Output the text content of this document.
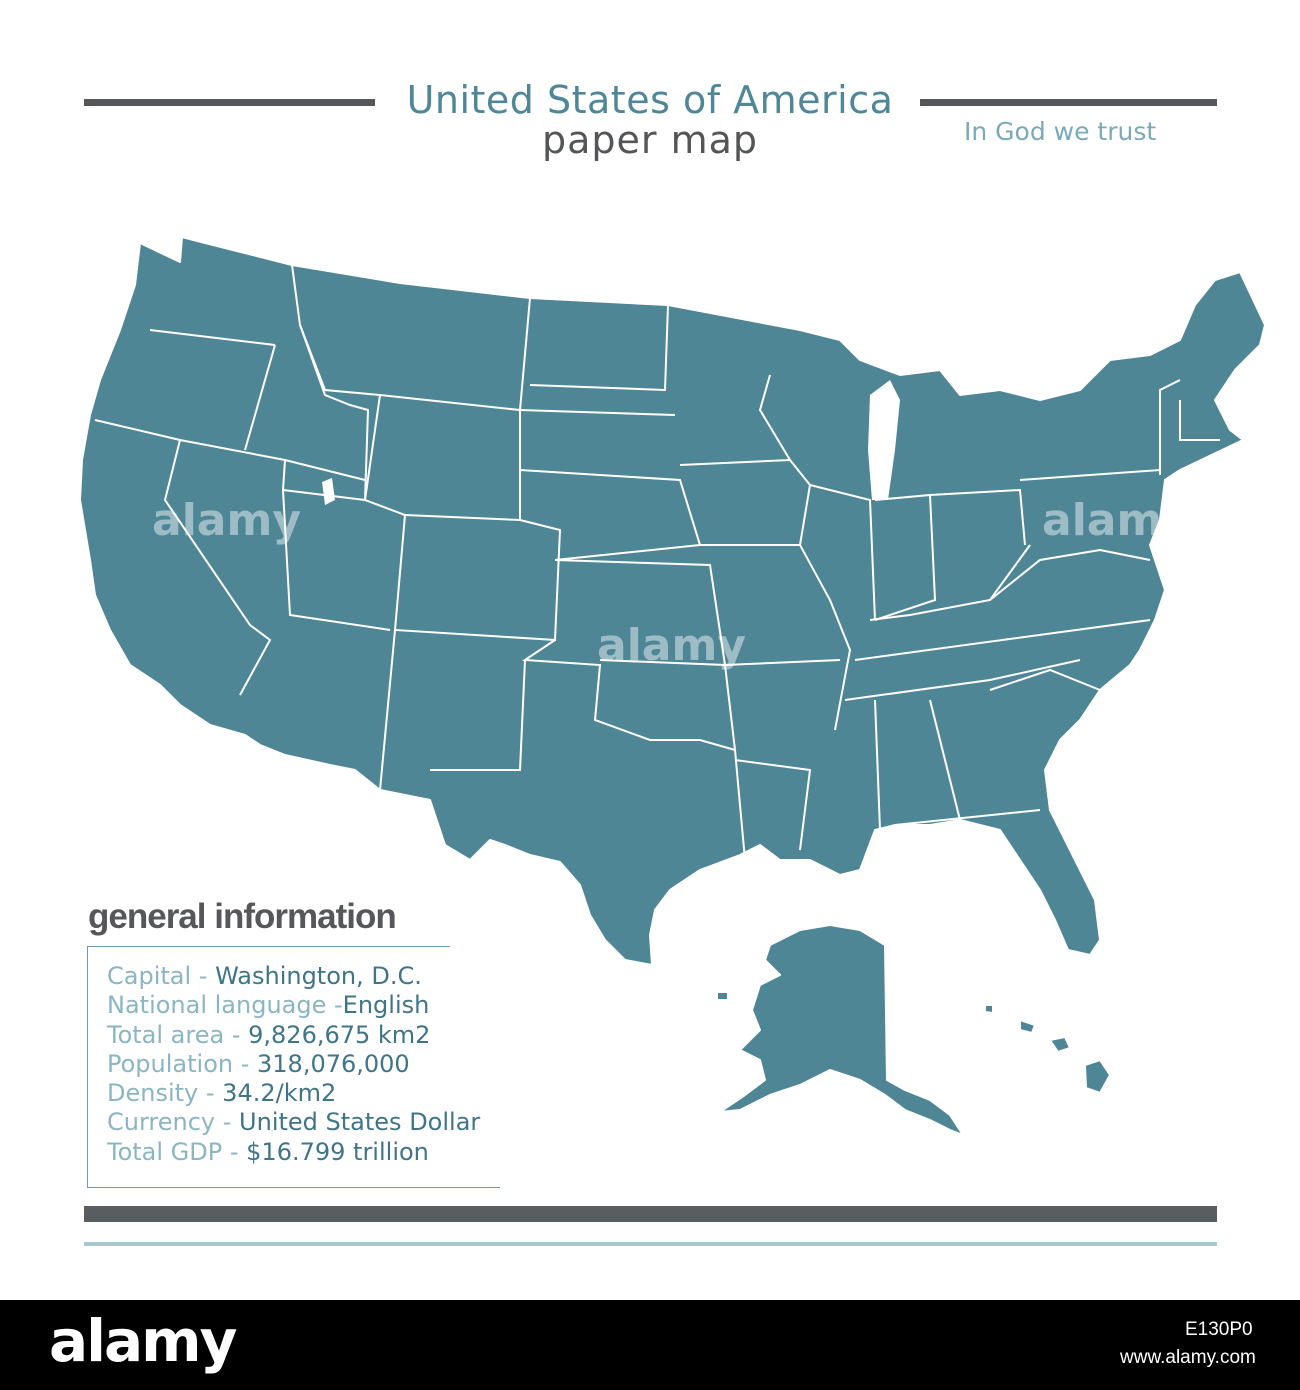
United States of America
paper map	In God we trust
alamy
alamy
alamy
general information
Capital - Washington, D.C.
National language -English
Total area - 9,826,675 km2
Population - 318,076,000
Density - 34.2/km2
Currency - United States Dollar
Total GDP - $16.799 trillion
alamy	E130P0
www.alamy.com
